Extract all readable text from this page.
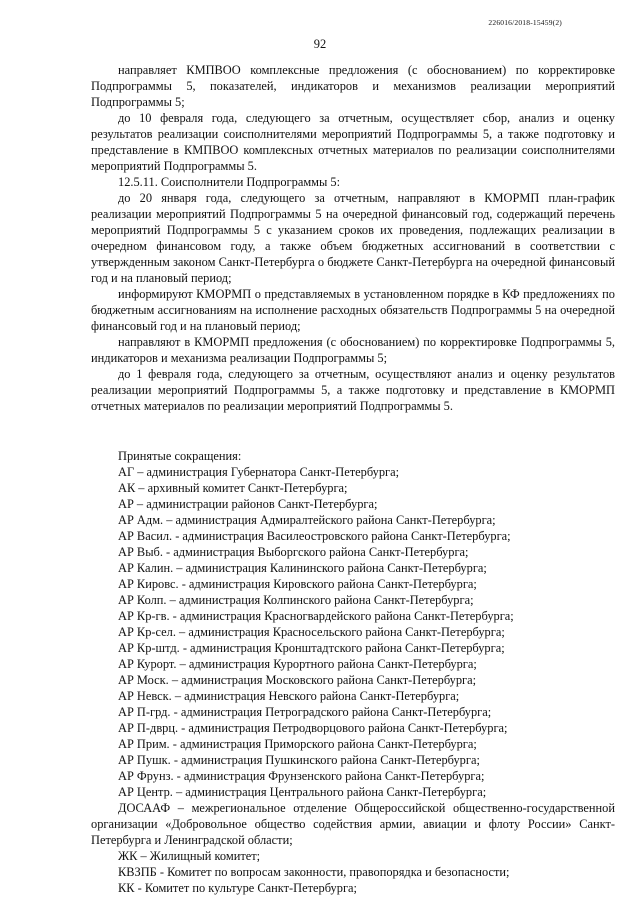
226016/2018-15459(2)
92

направляет КМПВОО комплексные предложения (с обоснованием) по корректировке Подпрограммы 5, показателей, индикаторов и механизмов реализации мероприятий Подпрограммы 5;

до 10 февраля года, следующего за отчетным, осуществляет сбор, анализ и оценку результатов реализации соисполнителями мероприятий Подпрограммы 5, а также подготовку и представление в КМПВОО комплексных отчетных материалов по реализации соисполнителями мероприятий Подпрограммы 5.

12.5.11. Соисполнители Подпрограммы 5:

до 20 января года, следующего за отчетным, направляют в КМОРМП план-график реализации мероприятий Подпрограммы 5 на очередной финансовый год, содержащий перечень мероприятий Подпрограммы 5 с указанием сроков их проведения, подлежащих реализации в очередном финансовом году, а также объем бюджетных ассигнований в соответствии с утвержденным законом Санкт-Петербурга о бюджете Санкт-Петербурга на очередной финансовый год и на плановый период;

информируют КМОРМП о представляемых в установленном порядке в КФ предложениях по бюджетным ассигнованиям на исполнение расходных обязательств Подпрограммы 5 на очередной финансовый год и на плановый период;

направляют в КМОРМП предложения (с обоснованием) по корректировке Подпрограммы 5, индикаторов и механизма реализации Подпрограммы 5;

до 1 февраля года, следующего за отчетным, осуществляют анализ и оценку результатов реализации мероприятий Подпрограммы 5, а также подготовку и представление в КМОРМП отчетных материалов по реализации мероприятий Подпрограммы 5.

Принятые сокращения:

АГ – администрация Губернатора Санкт-Петербурга;

АК – архивный комитет Санкт-Петербурга;

АР – администрации районов Санкт-Петербурга;

АР Адм. – администрация Адмиралтейского района Санкт-Петербурга;

АР Васил. - администрация Василеостровского района Санкт-Петербурга;

АР Выб. - администрация Выборгского района Санкт-Петербурга;

АР Калин. – администрация Калининского района Санкт-Петербурга;

АР Кировс. - администрация Кировского района Санкт-Петербурга;

АР Колп. – администрация Колпинского района Санкт-Петербурга;

АР Кр-гв. - администрация Красногвардейского района Санкт-Петербурга;

АР Кр-сел. – администрация Красносельского района Санкт-Петербурга;

АР Кр-штд. - администрация Кронштадтского района Санкт-Петербурга;

АР Курорт. – администрация Курортного района Санкт-Петербурга;

АР Моск. – администрация Московского района Санкт-Петербурга;

АР Невск. – администрация Невского района Санкт-Петербурга;

АР П-грд. - администрация Петроградского района Санкт-Петербурга;

АР П-дврц. - администрация Петродворцового района Санкт-Петербурга;

АР Прим. - администрация Приморского района Санкт-Петербурга;

АР Пушк. - администрация Пушкинского района Санкт-Петербурга;

АР Фрунз. - администрация Фрунзенского района Санкт-Петербурга;

АР Центр. – администрация Центрального района Санкт-Петербурга;

ДОСААФ – межрегиональное отделение Общероссийской общественно-государственной организации «Добровольное общество содействия армии, авиации и флоту России» Санкт-Петербурга и Ленинградской области;

ЖК – Жилищный комитет;

КВЗПБ - Комитет по вопросам законности, правопорядка и безопасности;

КК - Комитет по культуре Санкт-Петербурга;
